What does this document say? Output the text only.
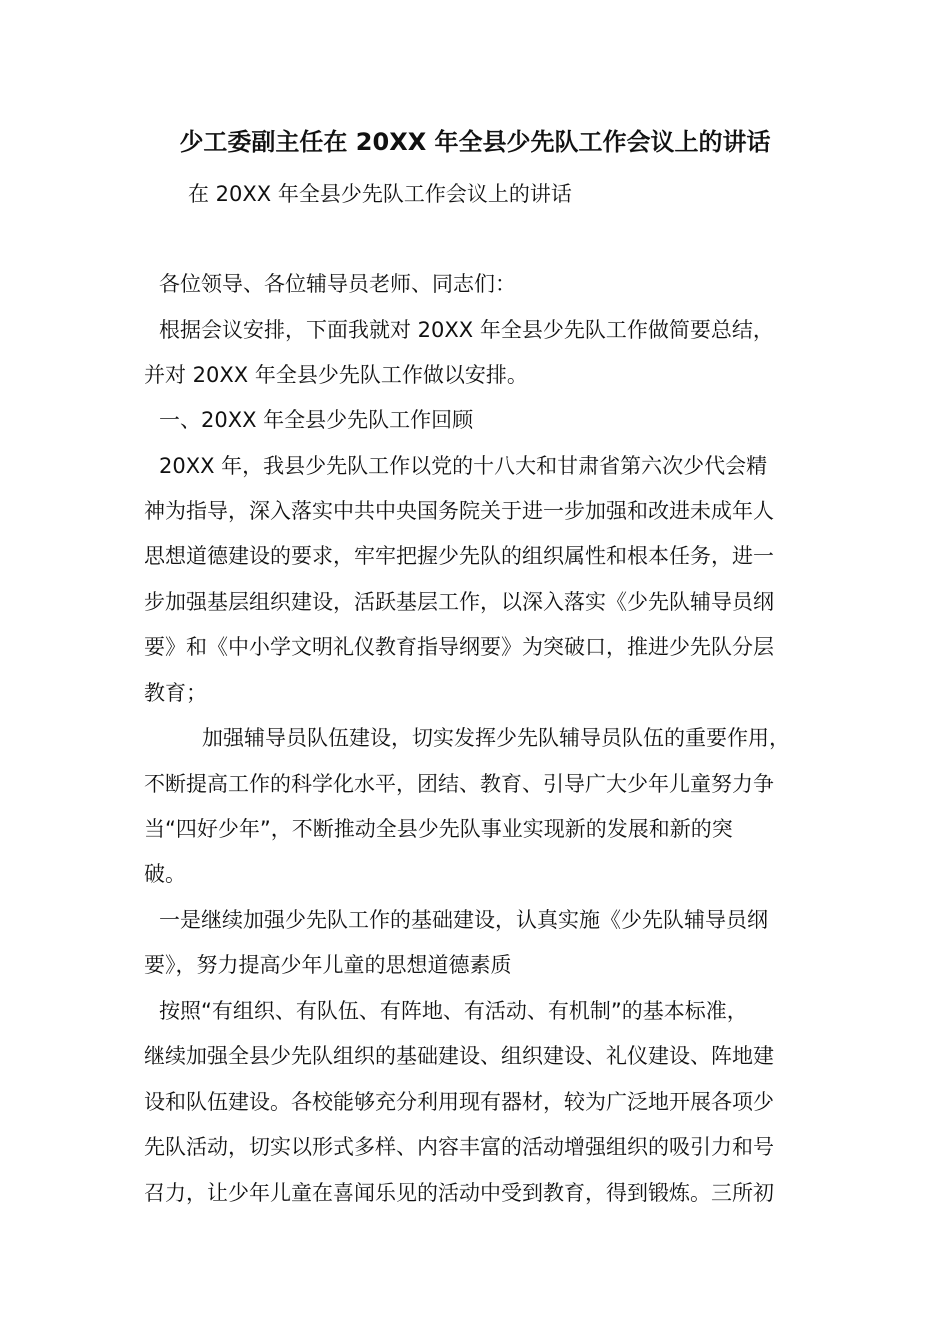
少工委副主任在 20XX 年全县少先队工作会议上的讲话
在 20XX 年全县少先队工作会议上的讲话
各位领导、各位辅导员老师、同志们：
根据会议安排，下面我就对 20XX 年全县少先队工作做简要总结，
并对 20XX 年全县少先队工作做以安排。
一、20XX 年全县少先队工作回顾
20XX 年，我县少先队工作以党的十八大和甘肃省第六次少代会精
神为指导，深入落实中共中央国务院关于进一步加强和改进未成年人
思想道德建设的要求，牢牢把握少先队的组织属性和根本任务，进一
步加强基层组织建设，活跃基层工作，以深入落实《少先队辅导员纲
要》和《中小学文明礼仪教育指导纲要》为突破口，推进少先队分层
教育；
加强辅导员队伍建设，切实发挥少先队辅导员队伍的重要作用，
不断提高工作的科学化水平，团结、教育、引导广大少年儿童努力争
当“四好少年”，不断推动全县少先队事业实现新的发展和新的突
破。
一是继续加强少先队工作的基础建设，认真实施《少先队辅导员纲
要》，努力提高少年儿童的思想道德素质
按照“有组织、有队伍、有阵地、有活动、有机制”的基本标准，
继续加强全县少先队组织的基础建设、组织建设、礼仪建设、阵地建
设和队伍建设。各校能够充分利用现有器材，较为广泛地开展各项少
先队活动，切实以形式多样、内容丰富的活动增强组织的吸引力和号
召力，让少年儿童在喜闻乐见的活动中受到教育，得到锻炼。三所初
